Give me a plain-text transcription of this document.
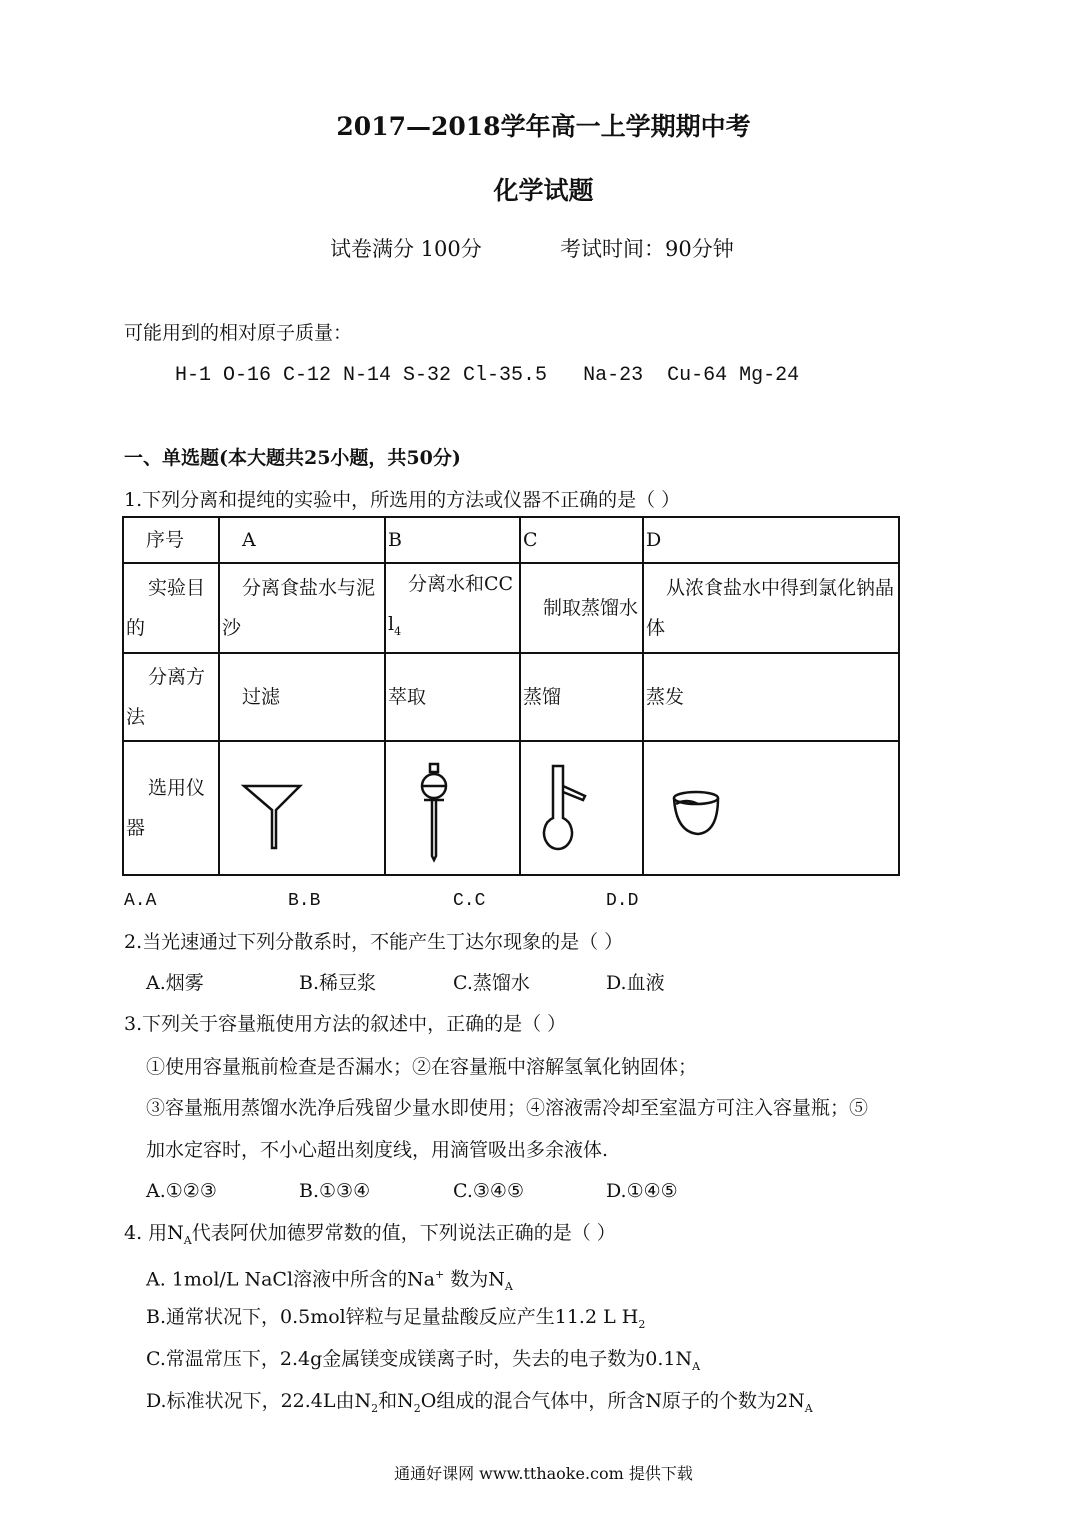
2017—2018学年高一上学期期中考
化学试题
试卷满分 100分	考试时间：90分钟
可能用到的相对原子质量：
H-1 O-16 C-12 N-14 S-32 Cl-35.5   Na-23  Cu-64 Mg-24
一、单选题(本大题共25小题，共50分)
1.下列分离和提纯的实验中，所选用的方法或仪器不正确的是（ ）
序号	A	B	C	D
实验目的	分离食盐水与泥沙	分离水和CCl$_4$	制取蒸馏水	从浓食盐水中得到氯化钠晶体
分离方法	过滤	萃取	蒸馏	蒸发
选用仪器	

A.A	B.B	C.C	D.D
2.当光速通过下列分散系时，不能产生丁达尔现象的是（ ）
A.烟雾	B.稀豆浆	C.蒸馏水	D.血液
3.下列关于容量瓶使用方法的叙述中，正确的是（ ）
①使用容量瓶前检查是否漏水；②在容量瓶中溶解氢氧化钠固体；
③容量瓶用蒸馏水洗净后残留少量水即使用；④溶液需冷却至室温方可注入容量瓶；⑤
加水定容时，不小心超出刻度线，用滴管吸出多余液体.
A.①②③	B.①③④	C.③④⑤	D.①④⑤
4. 用$N_A$代表阿伏加德罗常数的值，下列说法正确的是（ ）
A. 1mol/L NaCl溶液中所含的Na+ 数为$N_A$
B.通常状况下，0.5mol锌粒与足量盐酸反应产生11.2 L $H_2$
C.常温常压下，2.4g金属镁变成镁离子时，失去的电子数为$0.1N_A$
D.标准状况下，22.4L由$N_2$和$N_2O$组成的混合气体中，所含N原子的个数为$2N_A$
通通好课网 www.tthaoke.com 提供下载
